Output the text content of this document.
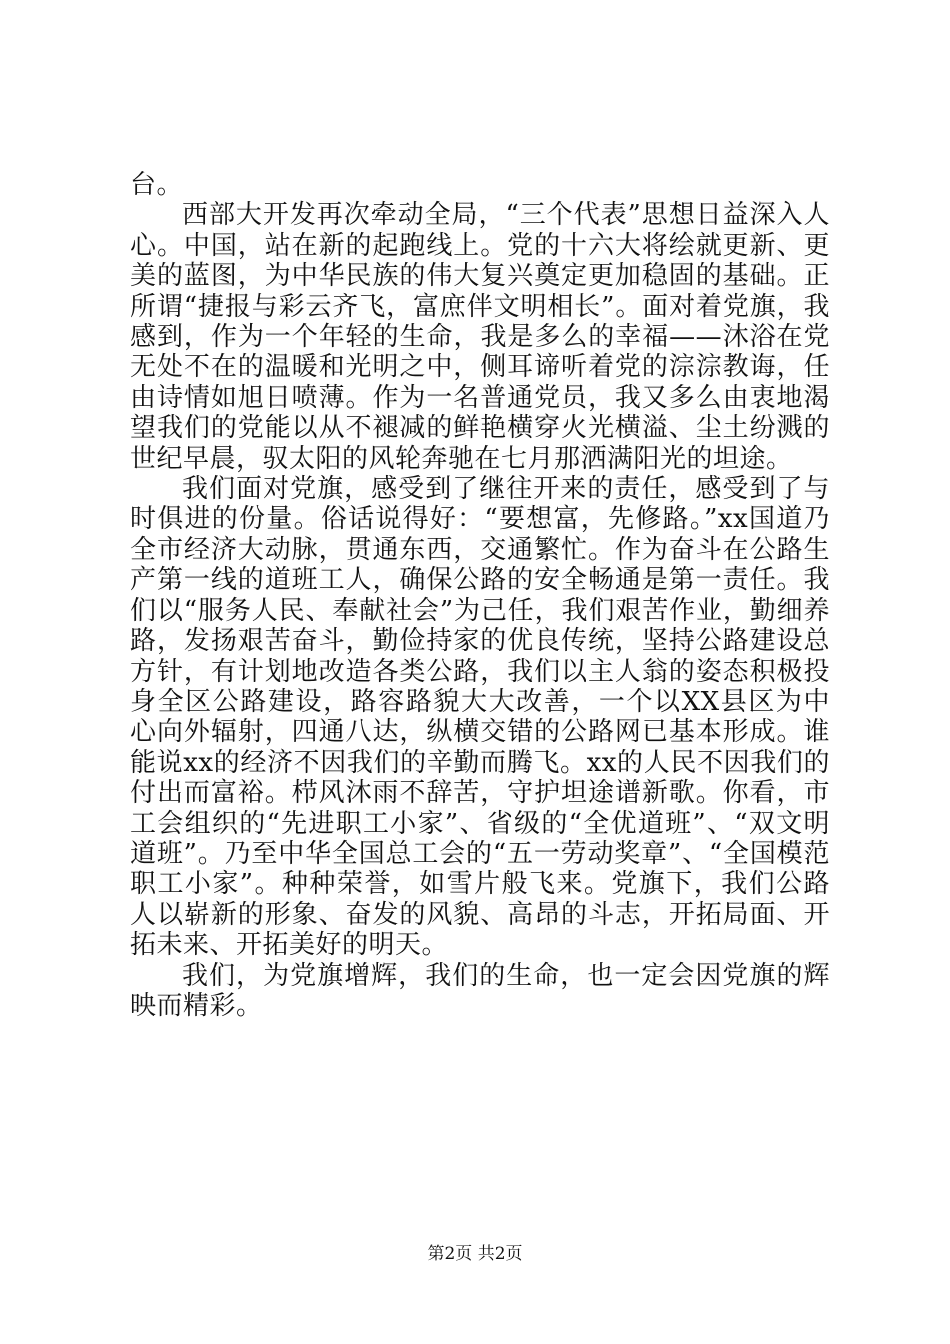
台。

西部大开发再次牵动全局，“三个代表”思想日益深入人心。中国，站在新的起跑线上。党的十六大将绘就更新、更美的蓝图，为中华民族的伟大复兴奠定更加稳固的基础。正所谓“捷报与彩云齐飞，富庶伴文明相长”。面对着党旗，我感到，作为一个年轻的生命，我是多么的幸福——沐浴在党无处不在的温暖和光明之中，侧耳谛听着党的淙淙教诲，任由诗情如旭日喷薄。作为一名普通党员，我又多么由衷地渴望我们的党能以从不褪减的鲜艳横穿火光横溢、尘土纷溅的世纪早晨，驭太阳的风轮奔驰在七月那洒满阳光的坦途。

我们面对党旗，感受到了继往开来的责任，感受到了与时俱进的份量。俗话说得好：“要想富，先修路。”xx国道乃全市经济大动脉，贯通东西，交通繁忙。作为奋斗在公路生产第一线的道班工人，确保公路的安全畅通是第一责任。我们以“服务人民、奉献社会”为己任，我们艰苦作业，勤细养路，发扬艰苦奋斗，勤俭持家的优良传统，坚持公路建设总方针，有计划地改造各类公路，我们以主人翁的姿态积极投身全区公路建设，路容路貌大大改善，一个以XX县区为中心向外辐射，四通八达，纵横交错的公路网已基本形成。谁能说xx的经济不因我们的辛勤而腾飞。xx的人民不因我们的付出而富裕。栉风沐雨不辞苦，守护坦途谱新歌。你看，市工会组织的“先进职工小家”、省级的“全优道班”、“双文明道班”。乃至中华全国总工会的“五一劳动奖章”、“全国模范职工小家”。种种荣誉，如雪片般飞来。党旗下，我们公路人以崭新的形象、奋发的风貌、高昂的斗志，开拓局面、开拓未来、开拓美好的明天。

我们，为党旗增辉，我们的生命，也一定会因党旗的辉映而精彩。

第2页 共2页
